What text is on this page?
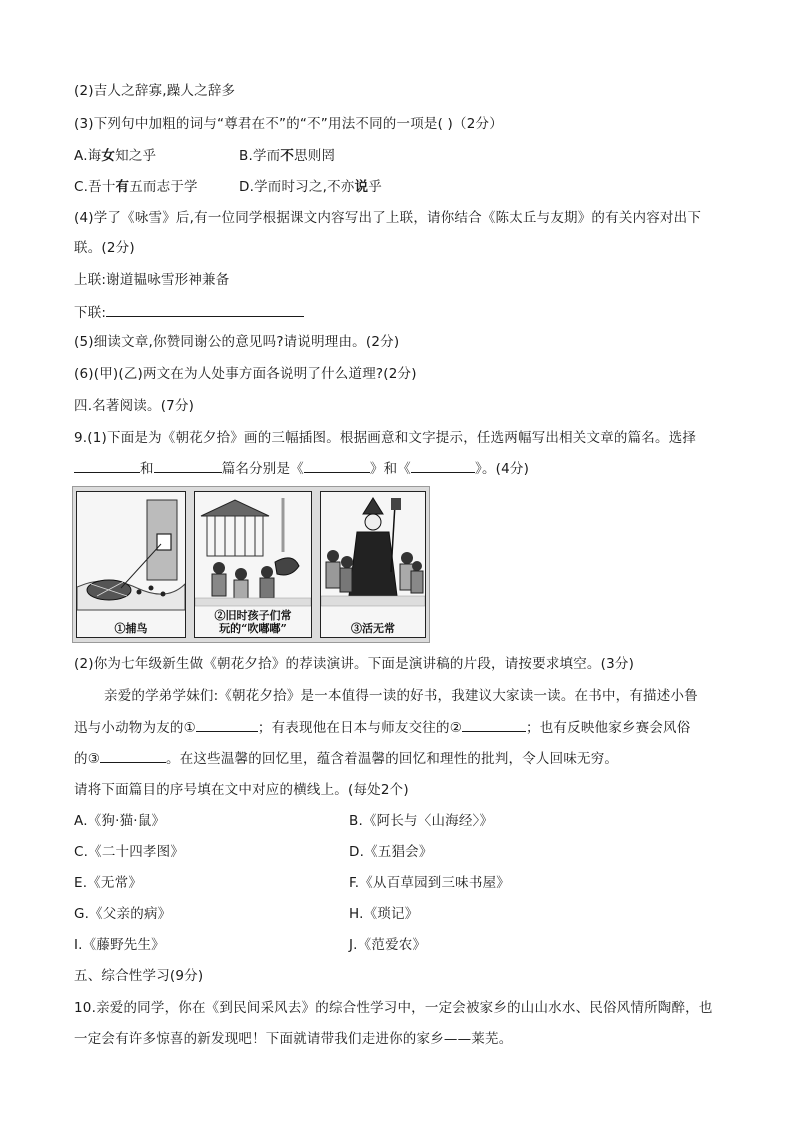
(2)吉人之辞寡,躁人之辞多
(3)下列句中加粗的词与“尊君在不”的“不”用法不同的一项是( )（2分）
A.诲女知之乎	B.学而不思则罔
C.吾十有五而志于学	D.学而时习之,不亦说乎
(4)学了《咏雪》后,有一位同学根据课文内容写出了上联，请你结合《陈太丘与友期》的有关内容对出下
联。(2分)
上联:谢道韫咏雪形神兼备
下联:
(5)细读文章,你赞同谢公的意见吗?请说明理由。(2分)
(6)(甲)(乙)两文在为人处事方面各说明了什么道理?(2分)
四.名著阅读。(7分)
9.(1)下面是为《朝花夕拾》画的三幅插图。根据画意和文字提示，任选两幅写出相关文章的篇名。选择
和	篇名分别是《	》和《	》。(4分)
①捕鸟
②旧时孩子们常
玩的“吹嘟嘟”	③活无常
(2)你为七年级新生做《朝花夕拾》的荐读演讲。下面是演讲稿的片段，请按要求填空。(3分)
亲爱的学弟学妹们:《朝花夕拾》是一本值得一读的好书，我建议大家读一读。在书中，有描述小鲁
迅与小动物为友的①	；有表现他在日本与师友交往的②	；也有反映他家乡赛会风俗
的③	。在这些温馨的回忆里，蕴含着温馨的回忆和理性的批判，令人回味无穷。
请将下面篇目的序号填在文中对应的横线上。(每处2个)
A.《狗·猫·鼠》	B.《阿长与〈山海经〉》
C.《二十四孝图》	D.《五猖会》
E.《无常》	F.《从百草园到三味书屋》
G.《父亲的病》	H.《琐记》
I.《藤野先生》	J.《范爱农》
五、综合性学习(9分)
10.亲爱的同学，你在《到民间采风去》的综合性学习中，一定会被家乡的山山水水、民俗风情所陶醉，也
一定会有许多惊喜的新发现吧！下面就请带我们走进你的家乡——莱芜。
